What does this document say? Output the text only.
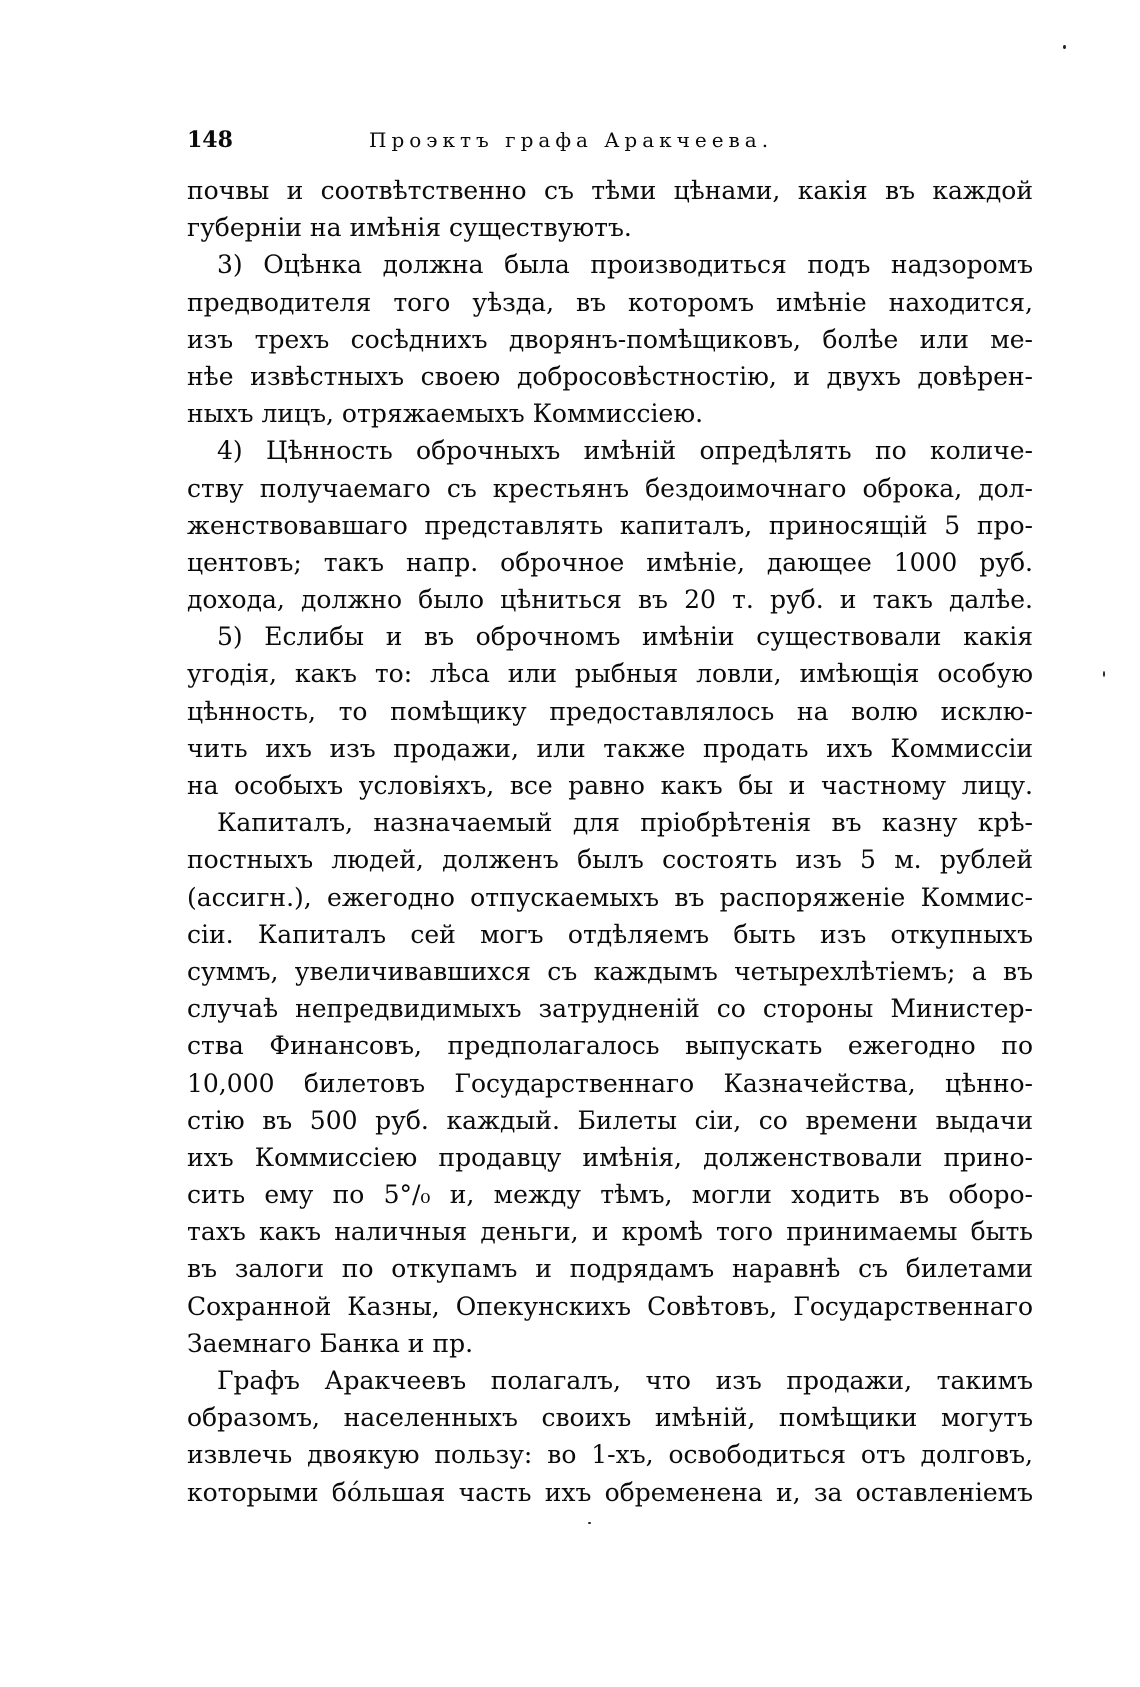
148	Проэктъ графа Аракчеева.
почвы и соотвѣтственно съ тѣми цѣнами, какія въ каждой
губерніи на имѣнія существуютъ.
3) Оцѣнка должна была производиться подъ надзоромъ
предводителя того уѣзда, въ которомъ имѣніе находится,
изъ трехъ сосѣднихъ дворянъ-помѣщиковъ, болѣе или ме-
нѣе извѣстныхъ своею добросовѣстностію, и двухъ довѣрен-
ныхъ лицъ, отряжаемыхъ Коммиссіею.
4) Цѣнность оброчныхъ имѣній опредѣлять по количе-
ству получаемаго съ крестьянъ бездоимочнаго оброка, дол-
женствовавшаго представлять капиталъ, приносящій 5 про-
центовъ; такъ напр. оброчное имѣніе, дающее 1000 руб.
дохода, должно было цѣниться въ 20 т. руб. и такъ далѣе.
5) Еслибы и въ оброчномъ имѣніи существовали какія
угодія, какъ то: лѣса или рыбныя ловли, имѣющія особую
цѣнность, то помѣщику предоставлялось на волю исклю-
чить ихъ изъ продажи, или также продать ихъ Коммиссіи
на особыхъ условіяхъ, все равно какъ бы и частному лицу.
Капиталъ, назначаемый для пріобрѣтенія въ казну крѣ-
постныхъ людей, долженъ былъ состоять изъ 5 м. рублей
(ассигн.), ежегодно отпускаемыхъ въ распоряженіе Коммис-
сіи. Капиталъ сей могъ отдѣляемъ быть изъ откупныхъ
суммъ, увеличивавшихся съ каждымъ четырехлѣтіемъ; а въ
случаѣ непредвидимыхъ затрудненій со стороны Министер-
ства Финансовъ, предполагалось выпускать ежегодно по
10,000 билетовъ Государственнаго Казначейства, цѣнно-
стію въ 500 руб. каждый. Билеты сіи, со времени выдачи
ихъ Коммиссіею продавцу имѣнія, долженствовали прино-
сить ему по 5°/₀ и, между тѣмъ, могли ходить въ оборо-
тахъ какъ наличныя деньги, и кромѣ того принимаемы быть
въ залоги по откупамъ и подрядамъ наравнѣ съ билетами
Сохранной Казны, Опекунскихъ Совѣтовъ, Государственнаго
Заемнаго Банка и пр.
Графъ Аракчеевъ полагалъ, что изъ продажи, такимъ
образомъ, населенныхъ своихъ имѣній, помѣщики могутъ
извлечь двоякую пользу: во 1-хъ, освободиться отъ долговъ,
которыми бóльшая часть ихъ обременена и, за оставленіемъ
